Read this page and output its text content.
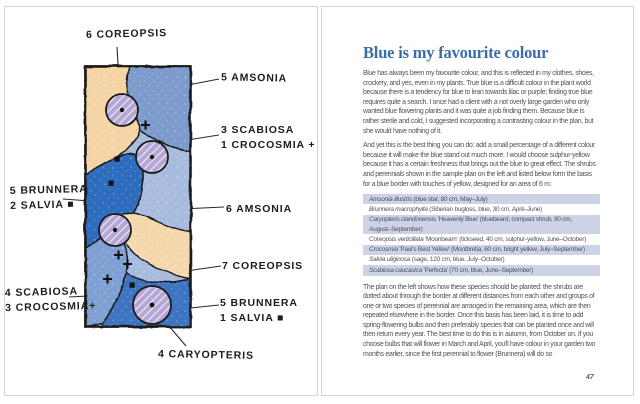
6 COREOPSIS
5 AMSONIA
3 SCABIOSA
1 CROCOSMIA +
5 BRUNNERA
2 SALVIA ■	6 AMSONIA
7 COREOPSIS
4 SCABIOSA
3 CROCOSMIA+	5 BRUNNERA
1 SALVIA ■
4 CARYOPTERIS
Blue is my favourite colour

Blue has always been my favourite colour, and this is reflected in my clothes, shoes, crockery, and yes, even in my plants. True blue is a difficult colour in the plant world because there is a tendency for blue to lean towards lilac or purple; finding true blue requires quite a search. I once had a client with a not overly large garden who only wanted blue flowering plants and it was quite a job finding them. Because blue is rather sterile and cold, I suggested incorporating a contrasting colour in the plan, but she would have nothing of it.

And yet this is the best thing you can do: add a small percentage of a different colour because it will make the blue stand out much more. I would choose sulphur-yellow because it has a certain freshness that brings out the blue to great effect. The shrubs and perennials shown in the sample plan on the left and listed below form the basis for a blue border with touches of yellow, designed for an area of 6 m:

Amsonia illustris (blue star, 80 cm, May–July)
Brunnera macrophylla (Siberian bugloss, blue, 30 cm, April–June)
Caryopteris clandonensis 'Heavenly Blue' (bluebeard, compact shrub, 90 cm, August–September)
Coreopsis verticillata 'Moonbeam' (tickseed, 40 cm, sulphur-yellow, June–October)
Crocosmia 'Paul's Best Yellow' (Montbretia, 60 cm, bright yellow, July–September)
Salvia uliginosa (sage, 120 cm, blue, July–October)
Scabiosa caucasica 'Perfecta' (70 cm, blue, June–September)

The plan on the left shows how these species should be planted: the shrubs are dotted about through the border at different distances from each other and groups of one or two species of perennial are arranged in the remaining area, which are then repeated elsewhere in the border. Once this basis has been laid, it is time to add spring-flowering bulbs and then preferably species that can be planted once and will then return every year. The best time to do this is in autumn, from October on. If you choose bulbs that will flower in March and April, you'll have colour in your garden two months earlier, since the first perennial to flower (Brunnera) will do so

47
